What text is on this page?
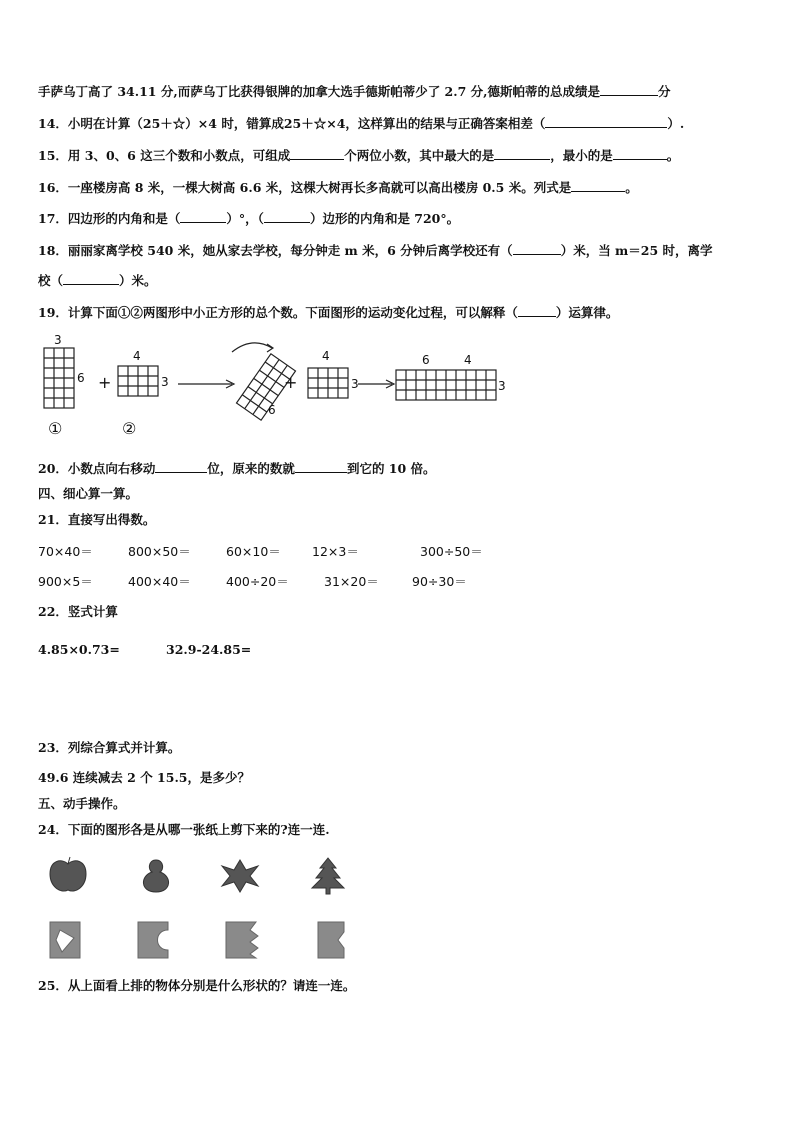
手萨乌丁高了 34.11 分,而萨乌丁比获得银牌的加拿大选手德斯帕蒂少了 2.7 分,德斯帕蒂的总成绩是	分
14．小明在计算（25＋☆）×4 时，错算成25＋☆×4，这样算出的结果与正确答案相差（	）.
15．用 3、0、6 这三个数和小数点，可组成	个两位小数，其中最大的是	，最小的是	。
16．一座楼房高 8 米，一棵大树高 6.6 米，这棵大树再长多高就可以高出楼房 0.5 米。列式是	。
17．四边形的内角和是（	）°，（	）边形的内角和是 720°。
18．丽丽家离学校 540 米，她从家去学校，每分钟走 m 米，6 分钟后离学校还有（	）米，当 m＝25 时，离学
校（	）米。
19．计算下面①②两图形中小正方形的总个数。下面图形的运动变化过程，可以解释（	）运算律。
3
6
4
3
+
①	②
6
+
4
3
6	4
3
20．小数点向右移动	位，原来的数就	到它的 10 倍。
四、细心算一算。
21．直接写出得数。
70×40＝	800×50＝	60×10＝ 12×3＝	300÷50＝
900×5＝	400×40＝	400÷20＝	31×20＝	90÷30＝
22．竖式计算
4.85×0.73=	32.9-24.85=
23．列综合算式并计算。
49.6 连续减去 2 个 15.5，是多少？
五、动手操作。
24．下面的图形各是从哪一张纸上剪下来的?连一连.
25．从上面看上排的物体分别是什么形状的？请连一连。
